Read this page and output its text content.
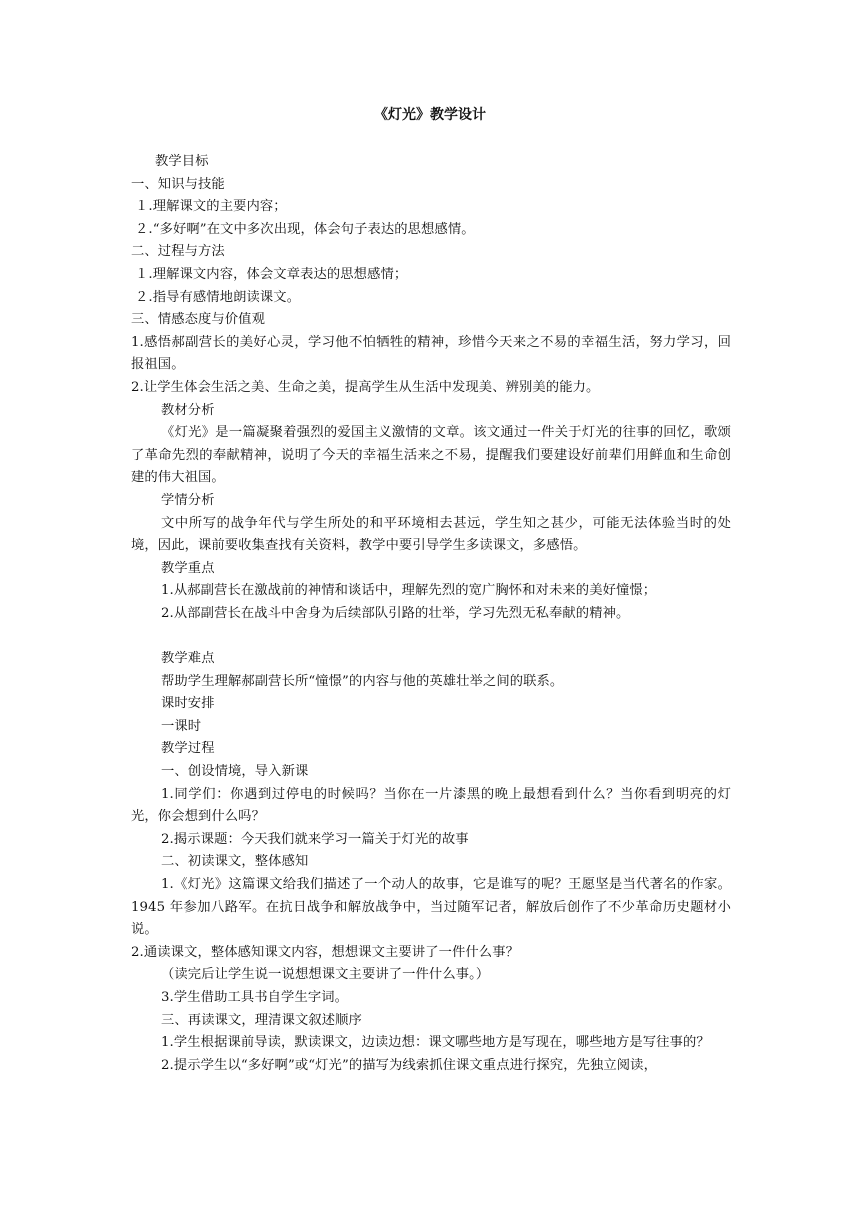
《灯光》教学设计

教学目标

一、知识与技能

１.理解课文的主要内容；

２.“多好啊”在文中多次出现，体会句子表达的思想感情。

二、过程与方法

１.理解课文内容，体会文章表达的思想感情；

２.指导有感情地朗读课文。

三、情感态度与价值观

1.感悟郝副营长的美好心灵，学习他不怕牺牲的精神，珍惜今天来之不易的幸福生活，努力学习，回报祖国。

2.让学生体会生活之美、生命之美，提高学生从生活中发现美、辨别美的能力。

教材分析

《灯光》是一篇凝聚着强烈的爱国主义激情的文章。该文通过一件关于灯光的往事的回忆，歌颂了革命先烈的奉献精神，说明了今天的幸福生活来之不易，提醒我们要建设好前辈们用鲜血和生命创建的伟大祖国。

学情分析

文中所写的战争年代与学生所处的和平环境相去甚远，学生知之甚少，可能无法体验当时的处境，因此，课前要收集查找有关资料，教学中要引导学生多读课文，多感悟。

教学重点

1.从郝副营长在激战前的神情和谈话中，理解先烈的宽广胸怀和对未来的美好憧憬；

2.从部副营长在战斗中舍身为后续部队引路的壮举，学习先烈无私奉献的精神。

教学难点

帮助学生理解郝副营长所“憧憬”的内容与他的英雄壮举之间的联系。

课时安排

一课时

教学过程

一、创设情境，导入新课

1.同学们：你遇到过停电的时候吗？当你在一片漆黑的晚上最想看到什么？当你看到明亮的灯光，你会想到什么吗？

2.揭示课题：今天我们就来学习一篇关于灯光的故事

二、初读课文，整体感知

1.《灯光》这篇课文给我们描述了一个动人的故事，它是谁写的呢？王愿坚是当代著名的作家。1945 年参加八路军。在抗日战争和解放战争中，当过随军记者，解放后创作了不少革命历史题材小说。

2.通读课文，整体感知课文内容，想想课文主要讲了一件什么事？

（读完后让学生说一说想想课文主要讲了一件什么事。）

3.学生借助工具书自学生字词。

三、再读课文，理清课文叙述顺序

1.学生根据课前导读，默读课文，边读边想：课文哪些地方是写现在，哪些地方是写往事的？

2.提示学生以“多好啊”或“灯光”的描写为线索抓住课文重点进行探究，先独立阅读，
